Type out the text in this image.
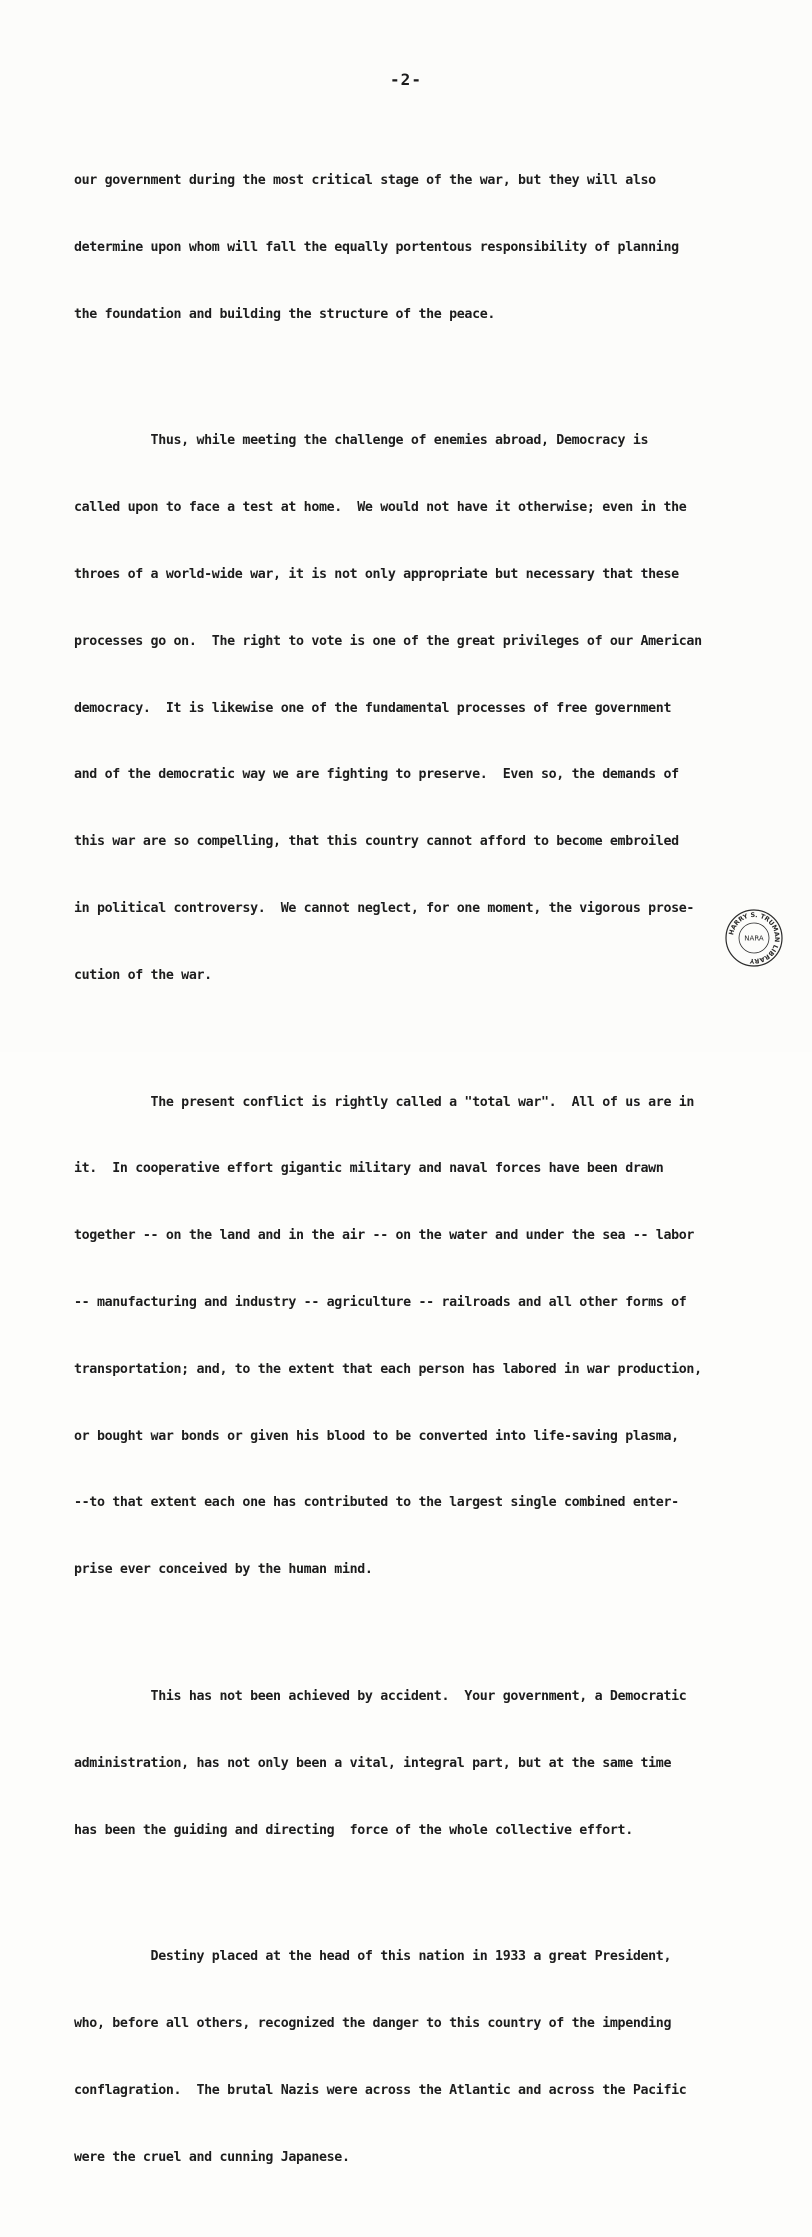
-2-

our government during the most critical stage of the war, but they will also

determine upon whom will fall the equally portentous responsibility of planning

the foundation and building the structure of the peace.

Thus, while meeting the challenge of enemies abroad, Democracy is

called upon to face a test at home.  We would not have it otherwise; even in the

throes of a world-wide war, it is not only appropriate but necessary that these

processes go on.  The right to vote is one of the great privileges of our American

democracy.  It is likewise one of the fundamental processes of free government

and of the democratic way we are fighting to preserve.  Even so, the demands of

this war are so compelling, that this country cannot afford to become embroiled

in political controversy.  We cannot neglect, for one moment, the vigorous prose-

cution of the war.

The present conflict is rightly called a "total war".  All of us are in

it.  In cooperative effort gigantic military and naval forces have been drawn

together -- on the land and in the air -- on the water and under the sea -- labor

-- manufacturing and industry -- agriculture -- railroads and all other forms of

transportation; and, to the extent that each person has labored in war production,

or bought war bonds or given his blood to be converted into life-saving plasma,

--to that extent each one has contributed to the largest single combined enter-

prise ever conceived by the human mind.

This has not been achieved by accident.  Your government, a Democratic

administration, has not only been a vital, integral part, but at the same time

has been the guiding and directing  force of the whole collective effort.

Destiny placed at the head of this nation in 1933 a great President,

who, before all others, recognized the danger to this country of the impending

conflagration.  The brutal Nazis were across the Atlantic and across the Pacific

were the cruel and cunning Japanese.

HARRY S. TRUMAN LIBRARY
NARA
